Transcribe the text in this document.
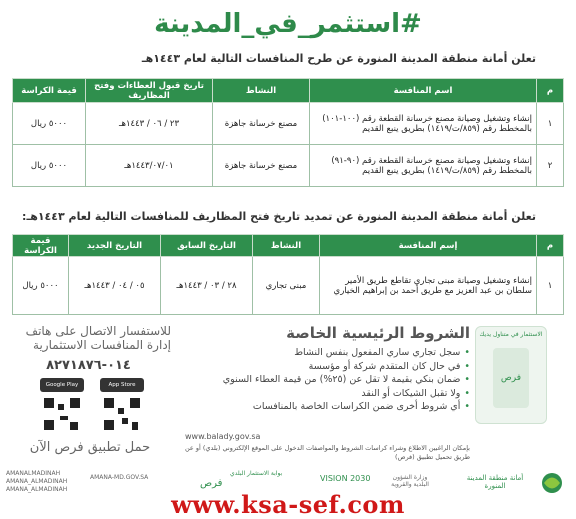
#استثمر_في_المدينة
تعلن أمانة منطقة المدينة المنورة عن طرح المنافسات التالية لعام ١٤٤٣هـ
م	اسم المنافسة	النشاط	تاريخ قبول العطاءات وفتح المظاريف	قيمة الكراسة
١	إنشاء وتشغيل وصيانة مصنع خرسانة القطعة رقم (١٠٠-١٠١) بالمخطط رقم (٨٥٩/ت/١٤١٩) بطريق ينبع القديم	مصنع خرسانة جاهزة	٢٣ / ٠٦ / ١٤٤٣هـ	٥٠٠٠ ريال
٢	إنشاء وتشغيل وصيانة مصنع خرسانة القطعة رقم (٩٠-٩١) بالمخطط رقم (٨٥٩/ت/١٤١٩) بطريق ينبع القديم	مصنع خرسانة جاهزة	١٤٤٣/٠٧/٠١هـ	٥٠٠٠ ريال
تعلن أمانة منطقة المدينة المنورة عن تمديد تاريخ فتح المظاريف للمنافسات التالية لعام ١٤٤٣هـ:
م	إسم المنافسة	النشاط	التاريخ السابق	التاريخ الجديد	قيمة الكراسة
١	إنشاء وتشغيل وصيانة مبنى تجاري تقاطع طريق الأمير سلطان بن عبد العزيز مع طريق أحمد بن إبراهيم الخياري	مبنى تجاري	٢٨ / ٠٣ / ١٤٤٣هـ	٠٥ / ٠٤ / ١٤٤٣هـ	٥٠٠٠ ريال
الاستثمار في متناول يديك
فرص
الشروط الرئيسية الخاصة
• سجل تجاري ساري المفعول بنفس النشاط
• في حال كان المتقدم شركة أو مؤسسة
• ضمان بنكي بقيمة لا تقل عن (٢٥%) من قيمة العطاء السنوي
• ولا تقبل الشيكات أو النقد
• أي شروط أخرى ضمن الكراسات الخاصة بالمنافسات
www.balady.gov.sa
بإمكان الراغبين الاطلاع وشراء كراسات الشروط والمواصفات الدخول على الموقع الإلكتروني (بلدي) أو عن طريق تحميل تطبيق (فرص)
للاستفسار الاتصال على هاتف إدارة المنافسات الاستثمارية
٠١٤-٨٢٧١٨٧٦
Google Play	App Store
حمل تطبيق فرص الآن
AMANALMADINAH
AMANA_ALMADINAH
AMANA_ALMADINAH
AMANA-MD.GOV.SA
بوابة الاستثمار البلدي
فرص	VISION 2030	وزارة الشؤون البلدية والقروية
أمانة منطقة المدينة المنورة
www.ksa-sef.com
